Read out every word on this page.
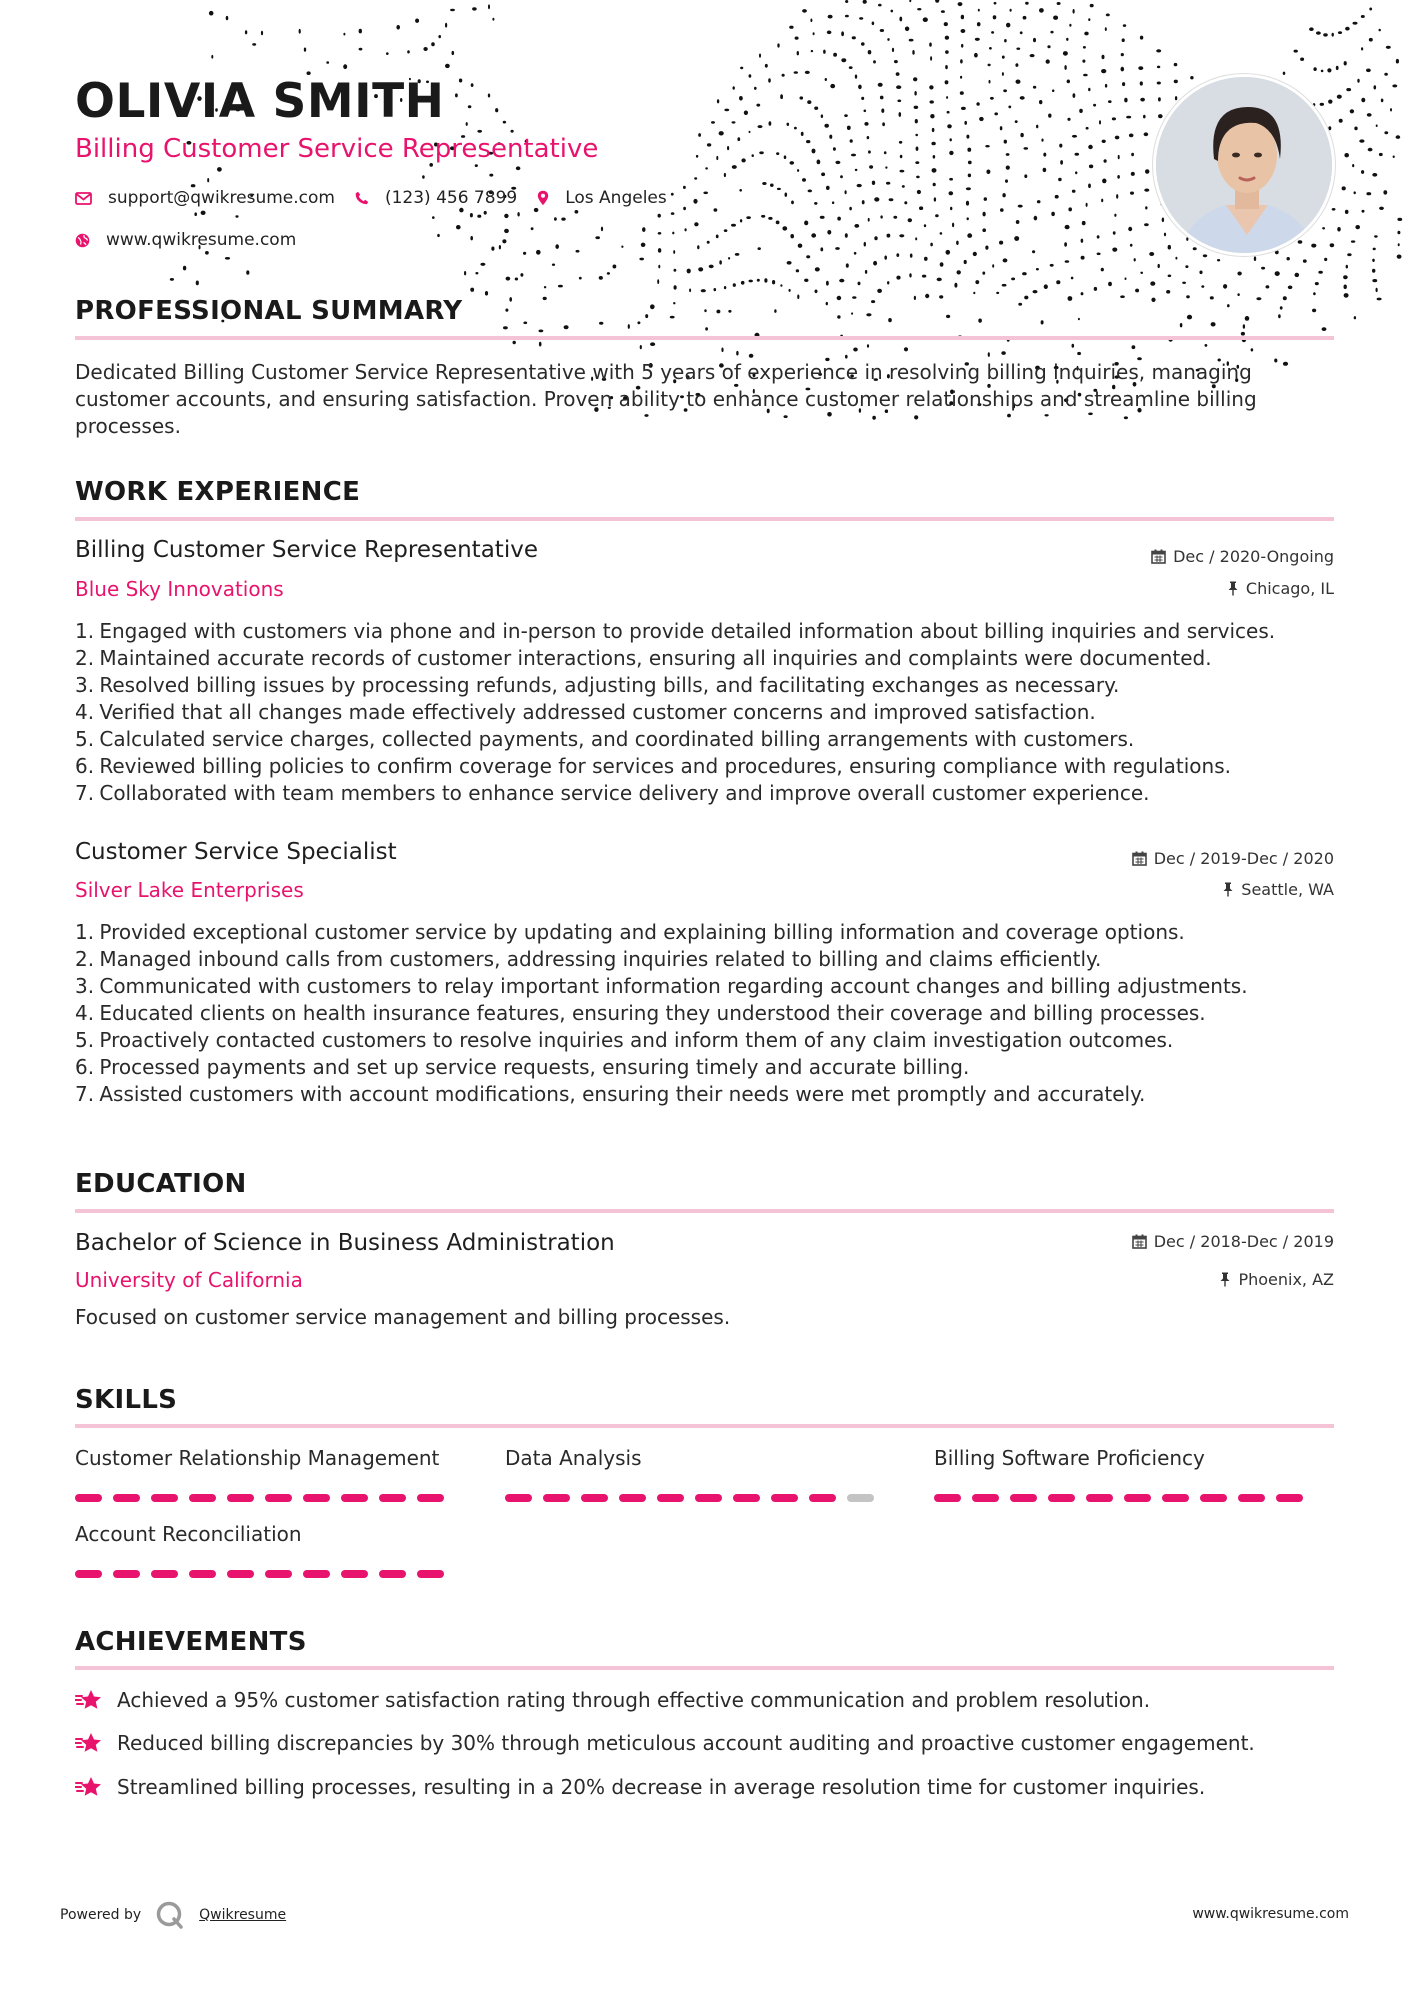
OLIVIA SMITH
Billing Customer Service Representative
support@qwikresume.com	(123) 456 7899	Los Angeles
www.qwikresume.com
PROFESSIONAL SUMMARY
Dedicated Billing Customer Service Representative with 5 years of experience in resolving billing inquiries, managing
customer accounts, and ensuring satisfaction. Proven ability to enhance customer relationships and streamline billing
processes.
WORK EXPERIENCE
Billing Customer Service Representative	Dec / 2020-Ongoing
Blue Sky Innovations	Chicago, IL
1. Engaged with customers via phone and in-person to provide detailed information about billing inquiries and services.
2. Maintained accurate records of customer interactions, ensuring all inquiries and complaints were documented.
3. Resolved billing issues by processing refunds, adjusting bills, and facilitating exchanges as necessary.
4. Verified that all changes made effectively addressed customer concerns and improved satisfaction.
5. Calculated service charges, collected payments, and coordinated billing arrangements with customers.
6. Reviewed billing policies to confirm coverage for services and procedures, ensuring compliance with regulations.
7. Collaborated with team members to enhance service delivery and improve overall customer experience.
Customer Service Specialist	Dec / 2019-Dec / 2020
Silver Lake Enterprises	Seattle, WA
1. Provided exceptional customer service by updating and explaining billing information and coverage options.
2. Managed inbound calls from customers, addressing inquiries related to billing and claims efficiently.
3. Communicated with customers to relay important information regarding account changes and billing adjustments.
4. Educated clients on health insurance features, ensuring they understood their coverage and billing processes.
5. Proactively contacted customers to resolve inquiries and inform them of any claim investigation outcomes.
6. Processed payments and set up service requests, ensuring timely and accurate billing.
7. Assisted customers with account modifications, ensuring their needs were met promptly and accurately.
EDUCATION
Bachelor of Science in Business Administration	Dec / 2018-Dec / 2019
University of California	Phoenix, AZ
Focused on customer service management and billing processes.
SKILLS
Customer Relationship Management	Data Analysis	Billing Software Proficiency
Account Reconciliation
ACHIEVEMENTS
Achieved a 95% customer satisfaction rating through effective communication and problem resolution.
Reduced billing discrepancies by 30% through meticulous account auditing and proactive customer engagement.
Streamlined billing processes, resulting in a 20% decrease in average resolution time for customer inquiries.
Powered by	Qwikresume	www.qwikresume.com
